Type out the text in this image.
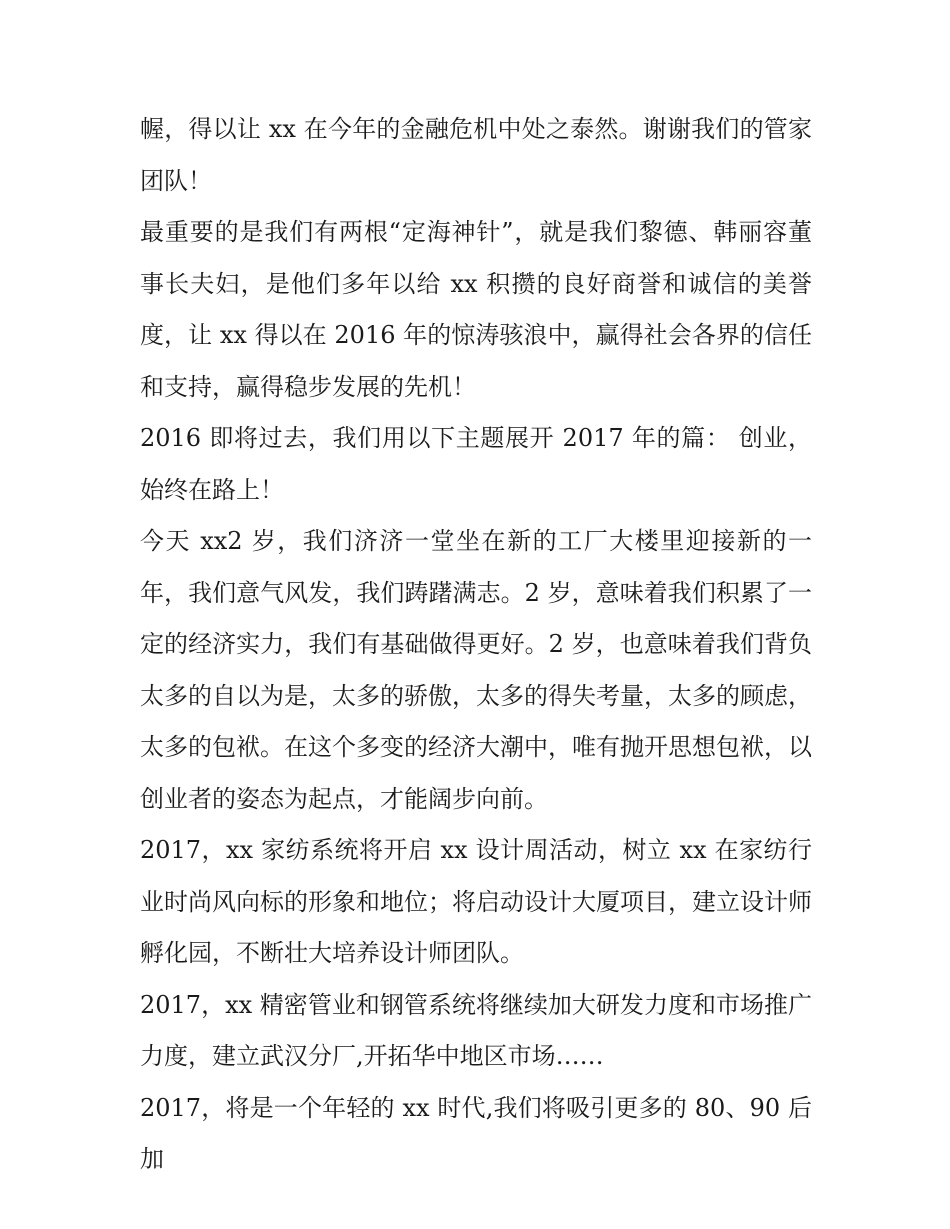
幄，得以让 xx 在今年的金融危机中处之泰然。谢谢我们的管家团队！

最重要的是我们有两根“定海神针”，就是我们黎德、韩丽容董事长夫妇，是他们多年以给 xx 积攒的良好商誉和诚信的美誉度，让 xx 得以在 2016 年的惊涛骇浪中，赢得社会各界的信任和支持，赢得稳步发展的先机！

2016 即将过去，我们用以下主题展开 2017 年的篇： 创业，始终在路上！

今天 xx2 岁，我们济济一堂坐在新的工厂大楼里迎接新的一年，我们意气风发，我们踌躇满志。2 岁，意味着我们积累了一定的经济实力，我们有基础做得更好。2 岁，也意味着我们背负太多的自以为是，太多的骄傲，太多的得失考量，太多的顾虑，太多的包袱。在这个多变的经济大潮中，唯有抛开思想包袱，以创业者的姿态为起点，才能阔步向前。

2017，xx 家纺系统将开启 xx 设计周活动，树立 xx 在家纺行业时尚风向标的形象和地位；将启动设计大厦项目，建立设计师孵化园，不断壮大培养设计师团队。

2017，xx 精密管业和钢管系统将继续加大研发力度和市场推广力度，建立武汉分厂,开拓华中地区市场……

2017，将是一个年轻的 xx 时代,我们将吸引更多的 80、90 后加
